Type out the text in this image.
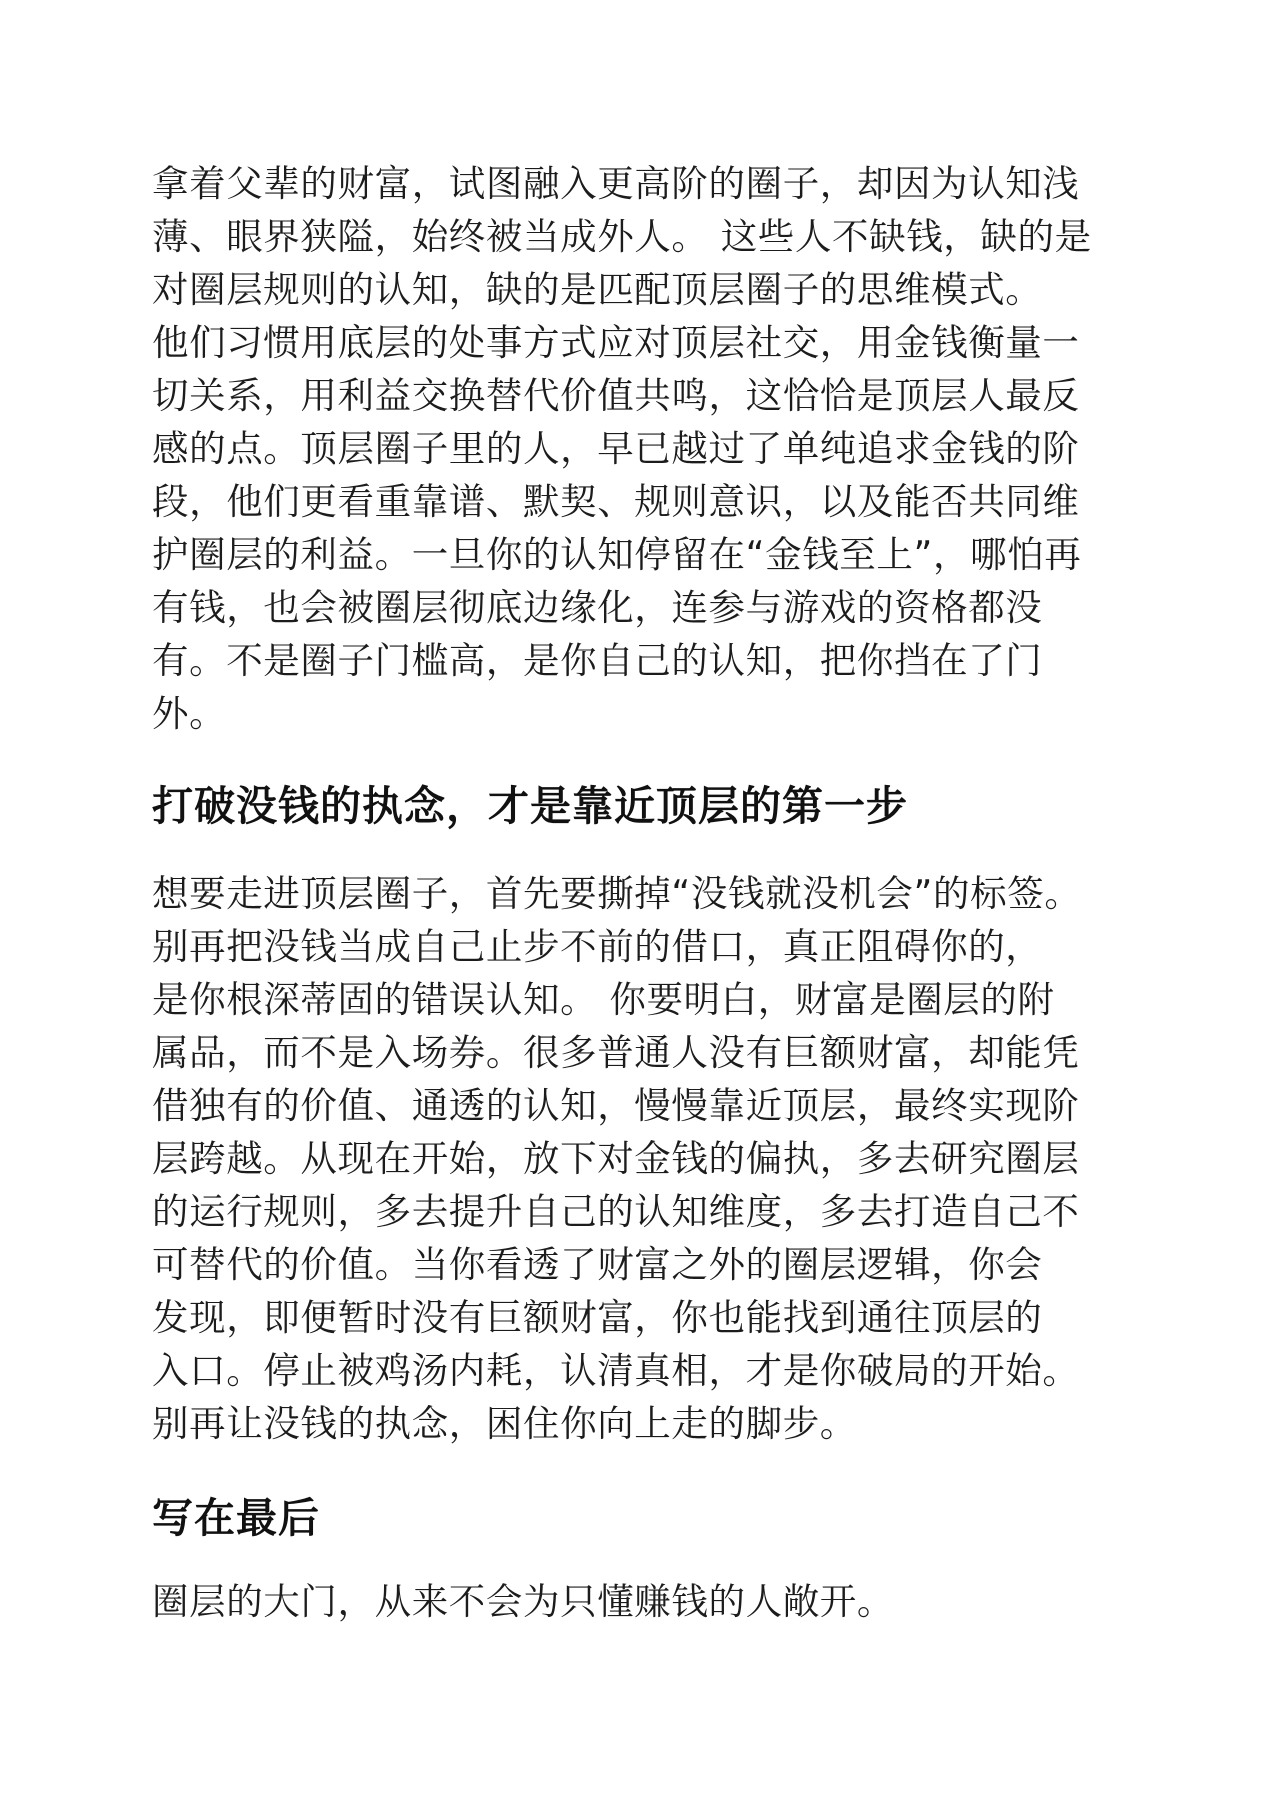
拿着父辈的财富，试图融入更高阶的圈子，却因为认知浅
薄、眼界狭隘，始终被当成外人。 这些人不缺钱，缺的是
对圈层规则的认知，缺的是匹配顶层圈子的思维模式。
他们习惯用底层的处事方式应对顶层社交，用金钱衡量一
切关系，用利益交换替代价值共鸣，这恰恰是顶层人最反
感的点。顶层圈子里的人，早已越过了单纯追求金钱的阶
段，他们更看重靠谱、默契、规则意识，以及能否共同维
护圈层的利益。一旦你的认知停留在“金钱至上”，哪怕再
有钱，也会被圈层彻底边缘化，连参与游戏的资格都没
有。不是圈子门槛高，是你自己的认知，把你挡在了门
外。
打破没钱的执念，才是靠近顶层的第一步
想要走进顶层圈子，首先要撕掉“没钱就没机会”的标签。
别再把没钱当成自己止步不前的借口，真正阻碍你的，
是你根深蒂固的错误认知。 你要明白，财富是圈层的附
属品，而不是入场券。很多普通人没有巨额财富，却能凭
借独有的价值、通透的认知，慢慢靠近顶层，最终实现阶
层跨越。从现在开始，放下对金钱的偏执，多去研究圈层
的运行规则，多去提升自己的认知维度，多去打造自己不
可替代的价值。当你看透了财富之外的圈层逻辑，你会
发现，即便暂时没有巨额财富，你也能找到通往顶层的
入口。停止被鸡汤内耗，认清真相，才是你破局的开始。
别再让没钱的执念，困住你向上走的脚步。
写在最后
圈层的大门，从来不会为只懂赚钱的人敞开。
